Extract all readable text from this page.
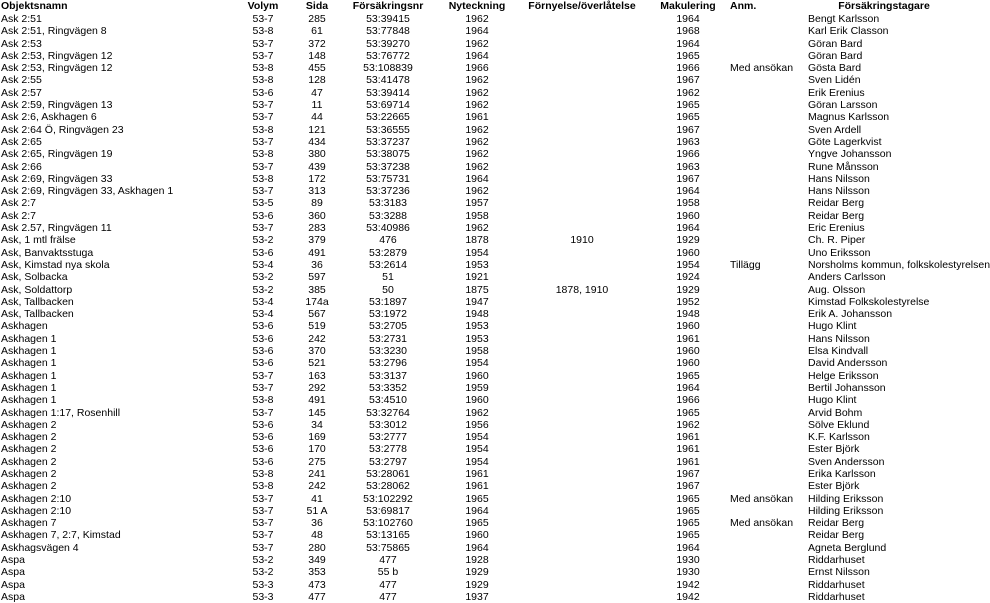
Objektsnamn	Volym	Sida	Försäkringsnr	Nyteckning	Förnyelse/överlåtelse	Makulering	Anm.	Försäkringstagare
Ask 2:51	53-7	285	53:39415	1962		1964		Bengt Karlsson
Ask 2:51, Ringvägen 8	53-8	61	53:77848	1964		1968		Karl Erik Classon
Ask 2:53	53-7	372	53:39270	1962		1964		Göran Bard
Ask 2:53, Ringvägen 12	53-7	148	53:76772	1964		1965		Göran Bard
Ask 2:53, Ringvägen 12	53-8	455	53:108839	1966		1966	Med ansökan	Gösta Bard
Ask 2:55	53-8	128	53:41478	1962		1967		Sven Lidén
Ask 2:57	53-6	47	53:39414	1962		1962		Erik Erenius
Ask 2:59, Ringvägen 13	53-7	11	53:69714	1962		1965		Göran Larsson
Ask 2:6, Askhagen 6	53-7	44	53:22665	1961		1965		Magnus Karlsson
Ask 2:64 Ö, Ringvägen 23	53-8	121	53:36555	1962		1967		Sven Ardell
Ask 2:65	53-7	434	53:37237	1962		1963		Göte Lagerkvist
Ask 2:65, Ringvägen 19	53-8	380	53:38075	1962		1966		Yngve Johansson
Ask 2:66	53-7	439	53:37238	1962		1963		Rune Månsson
Ask 2:69, Ringvägen 33	53-8	172	53:75731	1964		1967		Hans Nilsson
Ask 2:69, Ringvägen 33, Askhagen 1	53-7	313	53:37236	1962		1964		Hans Nilsson
Ask 2:7	53-5	89	53:3183	1957		1958		Reidar Berg
Ask 2:7	53-6	360	53:3288	1958		1960		Reidar Berg
Ask 2.57, Ringvägen 11	53-7	283	53:40986	1962		1964		Eric Erenius
Ask, 1 mtl frälse	53-2	379	476	1878	1910	1929		Ch. R. Piper
Ask, Banvaktsstuga	53-6	491	53:2879	1954		1960		Uno Eriksson
Ask, Kimstad nya skola	53-4	36	53:2614	1953		1954	Tillägg	Norsholms kommun, folkskolestyrelsen
Ask, Solbacka	53-2	597	51	1921		1924		Anders Carlsson
Ask, Soldattorp	53-2	385	50	1875	1878, 1910	1929		Aug. Olsson
Ask, Tallbacken	53-4	174a	53:1897	1947		1952		Kimstad Folkskolestyrelse
Ask, Tallbacken	53-4	567	53:1972	1948		1948		Erik A. Johansson
Askhagen	53-6	519	53:2705	1953		1960		Hugo Klint
Askhagen 1	53-6	242	53:2731	1953		1961		Hans Nilsson
Askhagen 1	53-6	370	53:3230	1958		1960		Elsa Kindvall
Askhagen 1	53-6	521	53:2796	1954		1960		David Andersson
Askhagen 1	53-7	163	53:3137	1960		1965		Helge Eriksson
Askhagen 1	53-7	292	53:3352	1959		1964		Bertil Johansson
Askhagen 1	53-8	491	53:4510	1960		1966		Hugo Klint
Askhagen 1:17, Rosenhill	53-7	145	53:32764	1962		1965		Arvid Bohm
Askhagen 2	53-6	34	53:3012	1956		1962		Sölve Eklund
Askhagen 2	53-6	169	53:2777	1954		1961		K.F. Karlsson
Askhagen 2	53-6	170	53:2778	1954		1961		Ester Björk
Askhagen 2	53-6	275	53:2797	1954		1961		Sven Andersson
Askhagen 2	53-8	241	53:28061	1961		1967		Erika Karlsson
Askhagen 2	53-8	242	53:28062	1961		1967		Ester Björk
Askhagen 2:10	53-7	41	53:102292	1965		1965	Med ansökan	Hilding Eriksson
Askhagen 2:10	53-7	51 A	53:69817	1964		1965		Hilding Eriksson
Askhagen 7	53-7	36	53:102760	1965		1965	Med ansökan	Reidar Berg
Askhagen 7, 2:7, Kimstad	53-7	48	53:13165	1960		1965		Reidar Berg
Askhagsvägen 4	53-7	280	53:75865	1964		1964		Agneta Berglund
Aspa	53-2	349	477	1928		1930		Riddarhuset
Aspa	53-2	353	55 b	1929		1930		Ernst Nilsson
Aspa	53-3	473	477	1929		1942		Riddarhuset
Aspa	53-3	477	477	1937		1942		Riddarhuset
